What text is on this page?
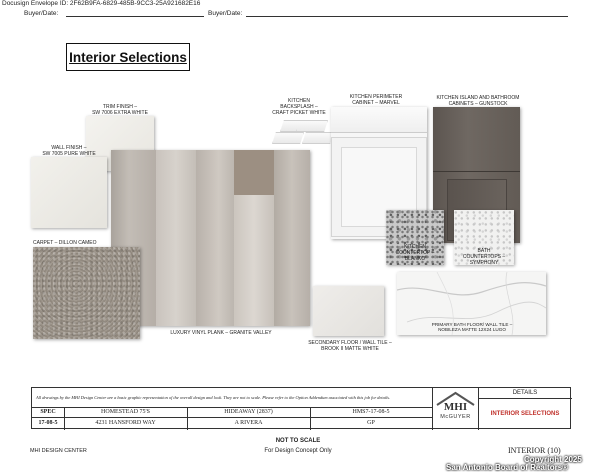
Docusign Envelope ID: 2F62B9FA-6829-485B-9CC3-25A921682E16
Buyer/Date:	Buyer/Date:
Interior Selections
TRIM FINISH –
SW 7006 EXTRA WHITE
WALL FINISH –
SW 7005 PURE WHITE
LUXURY VINYL PLANK – GRANITE VALLEY
CARPET – DILLON CAMEO
KITCHEN
BACKSPLASH –
CRAFT PICKET WHITE
KITCHEN PERIMETER
CABINET – MARVEL
KITCHEN ISLAND AND BATHROOM
CABINETS – GUNSTOCK
KITCHEN
COUNTERTOP –
BLANKO
BATH
COUNTERTOPS –
SYMPHONY
SECONDARY FLOOR / WALL TILE –
BROOK II MATTE WHITE
PRIMARY BATH FLOOR/ WALL TILE –
NOBILEZA MATTE 12X24 LUGO
All drawings by the MHI Design Center are a basic graphic representation of the overall design and look. They are not to scale. Please refer to the Option Addendum associated with this job for details.
SPEC
17-08-5
HOMESTEAD 75'S
4231 HANSFORD WAY
HIDEAWAY (2837)
A RIVERA
HMS7-17-08-5
GP
MHI
McGUYER
DETAILS
INTERIOR SELECTIONS
NOT TO SCALE
For Design Concept Only
MHI DESIGN CENTER	INTERIOR (10)
Copyright 2025
San Antonio Board of Realtors®
